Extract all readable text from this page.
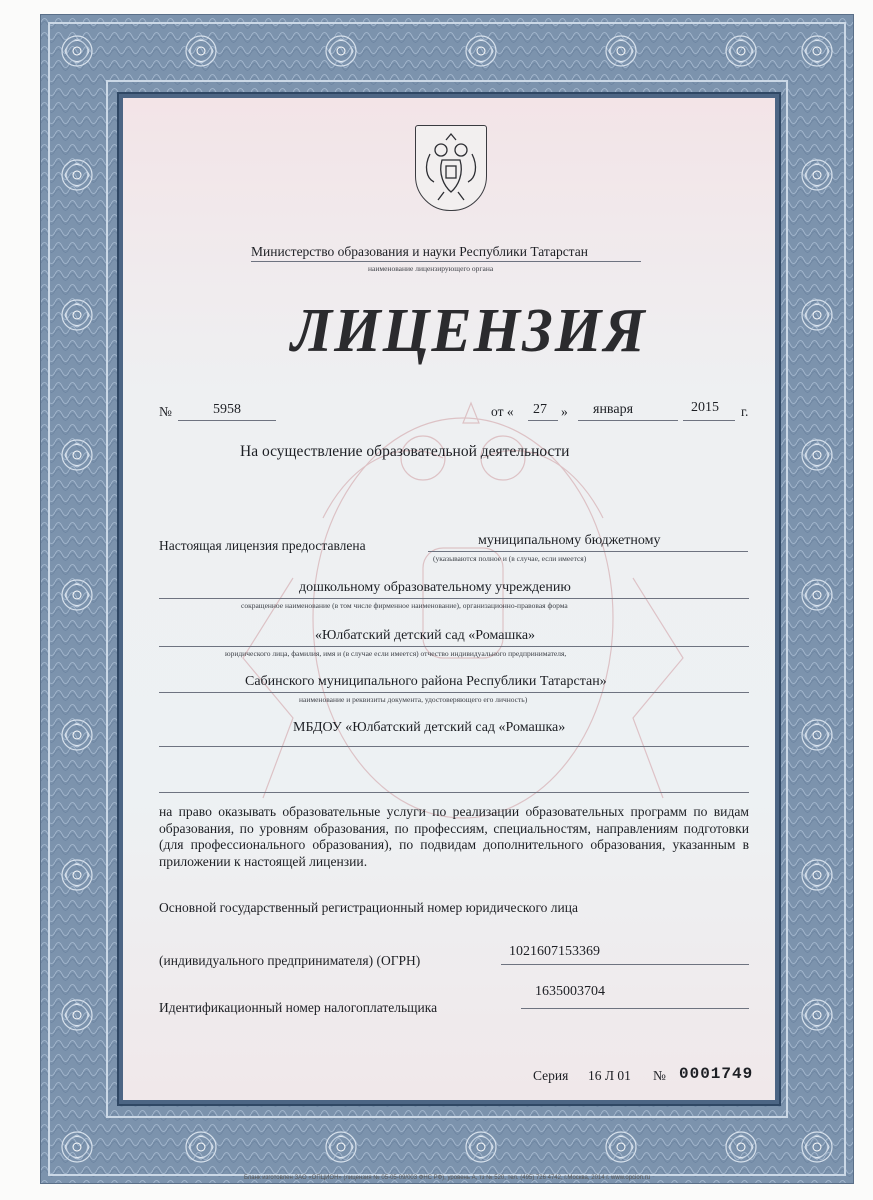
Министерство образования и науки Республики Татарстан
наименование лицензирующего органа
ЛИЦЕНЗИЯ
№	5958	от « 27 » января	2015 г.
На осуществление образовательной деятельности
Настоящая лицензия предоставлена	муниципальному бюджетному
(указываются полное и (в случае, если имеется)
дошкольному образовательному учреждению
сокращенное наименование (в том числе фирменное наименование), организационно-правовая форма
«Юлбатский детский сад «Ромашка»
юридического лица, фамилия, имя и (в случае если имеется) отчество индивидуального предпринимателя,
Сабинского муниципального района Республики Татарстан»
наименование и реквизиты документа, удостоверяющего его личность)
МБДОУ «Юлбатский детский сад «Ромашка»
на право оказывать образовательные услуги по реализации образовательных программ по видам образования, по уровням образования, по профессиям, специальностям, направлениям подготовки (для профессионального образования), по подвидам дополнительного образования, указанным в приложении к настоящей лицензии.
Основной государственный регистрационный номер юридического лица
(индивидуального предпринимателя) (ОГРН)
1021607153369
Идентификационный номер налогоплательщика
1635003704
Серия 16 Л 01 № 0001749
Бланк изготовлен ЗАО «ОПЦИОН» (лицензия № 05-05-09/003 ФНС РФ), уровень А, тз № 520, тел. (495) 726 4742, г.Москва, 2014 г. www.opcion.ru
